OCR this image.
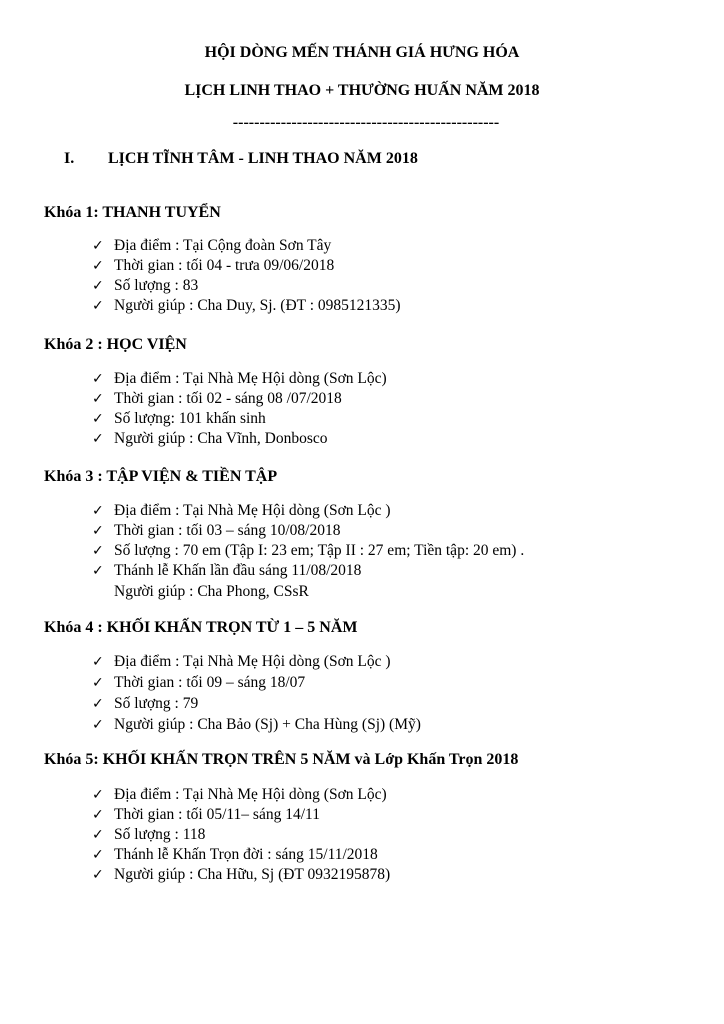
HỘI DÒNG MẾN THÁNH GIÁ HƯNG HÓA
LỊCH LINH THAO + THƯỜNG HUẤN NĂM 2018
--------------------------------------------------
I. LỊCH TĨNH TÂM - LINH THAO NĂM 2018
Khóa 1: THANH TUYỂN
✓ Địa điểm : Tại Cộng đoàn Sơn Tây
✓ Thời gian : tối 04 - trưa 09/06/2018
✓ Số lượng : 83
✓ Người giúp : Cha Duy, Sj. (ĐT : 0985121335)
Khóa 2 : HỌC VIỆN
✓ Địa điểm : Tại Nhà Mẹ Hội dòng (Sơn Lộc)
✓ Thời gian : tối 02 - sáng 08 /07/2018
✓ Số lượng: 101 khấn sinh
✓ Người giúp : Cha Vĩnh, Donbosco
Khóa 3 : TẬP VIỆN & TIỀN TẬP
✓ Địa điểm : Tại Nhà Mẹ Hội dòng (Sơn Lộc )
✓ Thời gian : tối 03 – sáng 10/08/2018
✓ Số lượng : 70 em (Tập I: 23 em; Tập II : 27 em; Tiền tập: 20 em) .
✓ Thánh lễ Khấn lần đầu sáng 11/08/2018
Người giúp : Cha Phong, CSsR
Khóa 4 : KHỐI KHẤN TRỌN TỪ 1 – 5 NĂM
✓ Địa điểm : Tại Nhà Mẹ Hội dòng (Sơn Lộc )
✓ Thời gian : tối 09 – sáng 18/07
✓ Số lượng : 79
✓ Người giúp : Cha Bảo (Sj) + Cha Hùng (Sj) (Mỹ)
Khóa 5: KHỐI KHẤN TRỌN TRÊN 5 NĂM và Lớp Khấn Trọn 2018
✓ Địa điểm : Tại Nhà Mẹ Hội dòng (Sơn Lộc)
✓ Thời gian : tối 05/11– sáng 14/11
✓ Số lượng : 118
✓ Thánh lễ Khấn Trọn đời : sáng 15/11/2018
✓ Người giúp : Cha Hữu, Sj (ĐT 0932195878)
